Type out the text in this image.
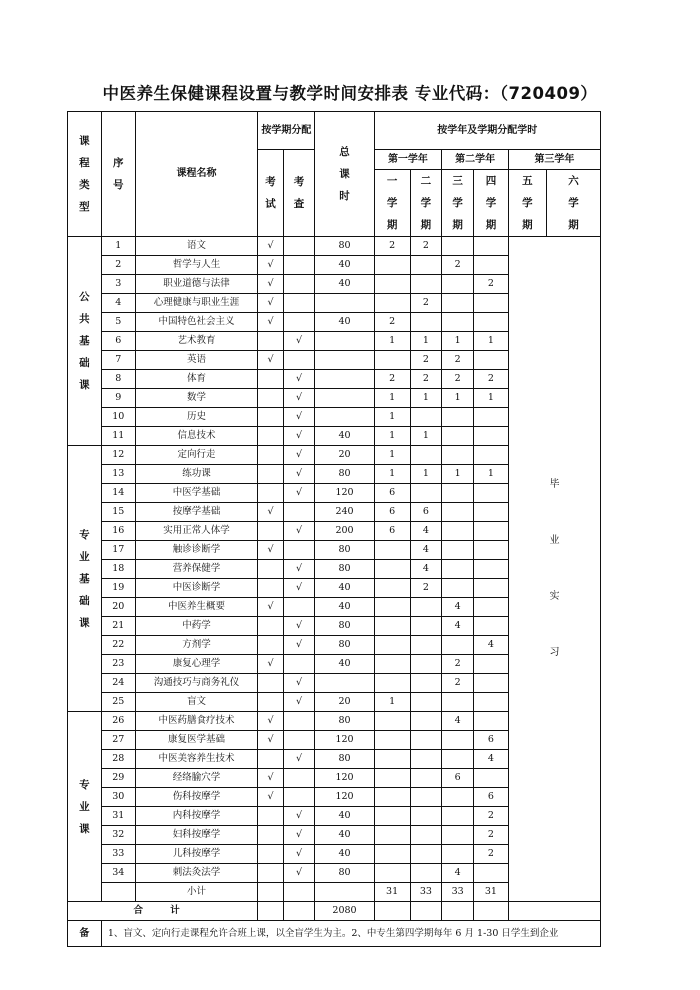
中医养生保健课程设置与教学时间安排表 专业代码：（720409）
课程类型	序号	课程名称	按学期分配		总课时	按学年及学期分配学时					
			考试	考查		第一学年		第二学年		第三学年	
						一学期	二学期	三学期	四学期	五学期	六学期
公共基础课	1	语文	√		80	2	2			毕业实习	
	2	哲学与人生	√		40			2			
	3	职业道德与法律	√		40				2		
	4	心理健康与职业生涯	√				2				
	5	中国特色社会主义	√		40	2					
	6	艺术教育		√		1	1	1	1		
	7	英语	√				2	2			
	8	体育		√		2	2	2	2		
	9	数学		√		1	1	1	1		
	10	历史		√		1					
	11	信息技术		√	40	1	1				
专业基础课	12	定向行走		√	20	1					
	13	练功课		√	80	1	1	1	1		
	14	中医学基础		√	120	6					
	15	按摩学基础	√		240	6	6				
	16	实用正常人体学		√	200	6	4				
	17	触诊诊断学	√		80		4				
	18	营养保健学		√	80		4				
	19	中医诊断学		√	40		2				
	20	中医养生概要	√		40			4			
	21	中药学		√	80			4			
	22	方剂学		√	80				4		
	23	康复心理学	√		40			2			
	24	沟通技巧与商务礼仪		√				2			
	25	盲文		√	20	1					
专业课	26	中医药膳食疗技术	√		80			4			
	27	康复医学基础	√		120				6		
	28	中医美容养生技术		√	80				4		
	29	经络腧穴学	√		120			6			
	30	伤科按摩学	√		120				6		
	31	内科按摩学		√	40				2		
	32	妇科按摩学		√	40				2		
	33	儿科按摩学		√	40				2		
	34	刺法灸法学		√	80			4			
		小计				31	33	33	31		
合 计					2080						
备	1、盲文、定向行走课程允许合班上课，以全盲学生为主。2、中专生第四学期每年 6 月 1-30 日学生到企业										
